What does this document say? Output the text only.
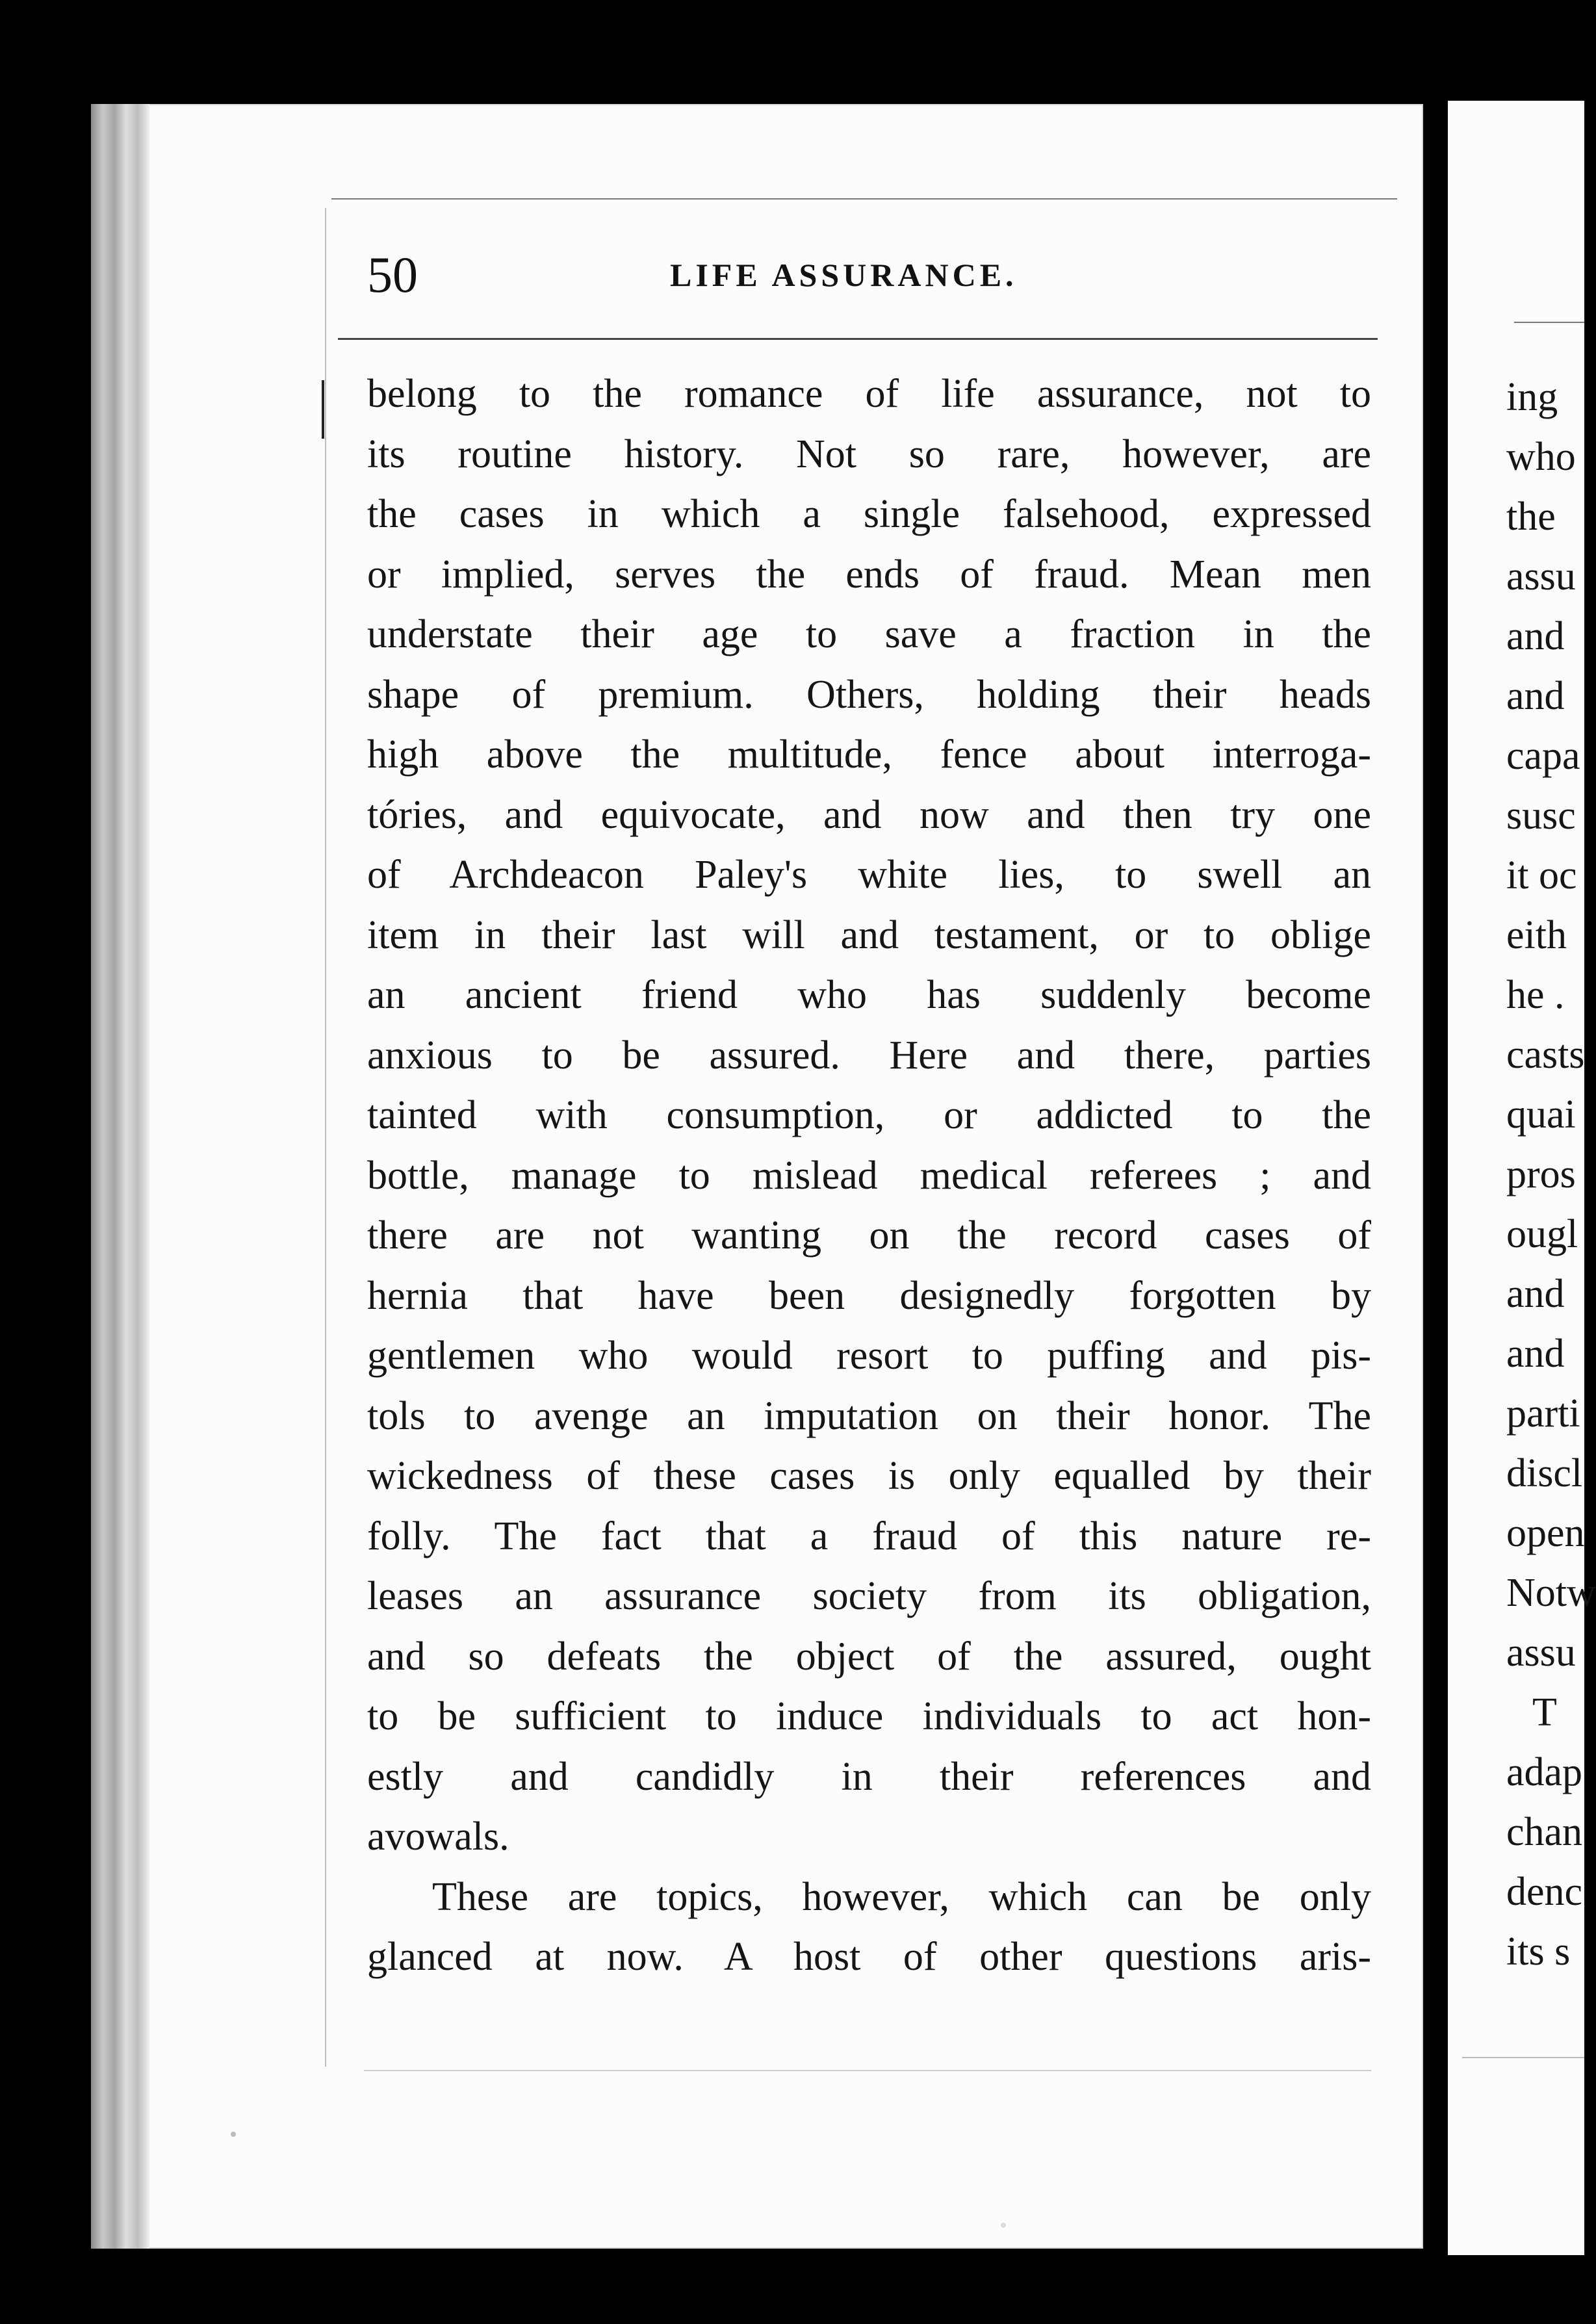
50	LIFE ASSURANCE.
belong to the romance of life assurance, not to
its routine history. Not so rare, however, are
the cases in which a single falsehood, expressed
or implied, serves the ends of fraud. Mean men
understate their age to save a fraction in the
shape of premium. Others, holding their heads
high above the multitude, fence about interroga-
tóries, and equivocate, and now and then try one
of Archdeacon Paley's white lies, to swell an
item in their last will and testament, or to oblige
an ancient friend who has suddenly become
anxious to be assured. Here and there, parties
tainted with consumption, or addicted to the
bottle, manage to mislead medical referees ; and
there are not wanting on the record cases of
hernia that have been designedly forgotten by
gentlemen who would resort to puffing and pis-
tols to avenge an imputation on their honor. The
wickedness of these cases is only equalled by their
folly. The fact that a fraud of this nature re-
leases an assurance society from its obligation,
and so defeats the object of the assured, ought
to be sufficient to induce individuals to act hon-
estly and candidly in their references and
avowals.
These are topics, however, which can be only
glanced at now. A host of other questions aris-
ing
who
the
assu
and
and
capa
susc
it oc
eith
he .
casts
quai
pros
ougl
and
and
parti
discl
open
Notw
assu
T
adap
chan
denc
its s
